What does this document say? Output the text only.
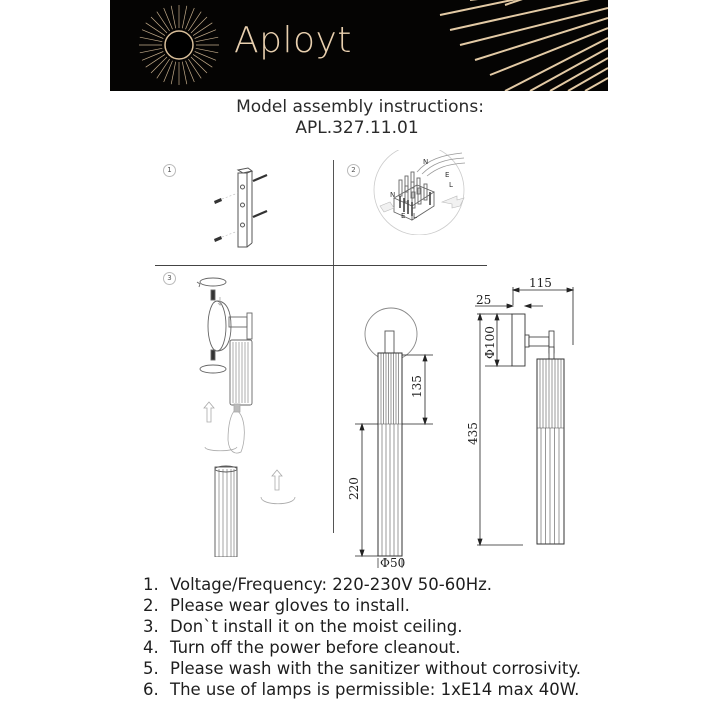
Aployt
Model assembly instructions:
APL.327.11.01
1	2
3
N
E
L
N
E L
135
220
Ф50
115
25
Ф100
435
1. Voltage/Frequency: 220-230V 50-60Hz.
2. Please wear gloves to install.
3. Don`t install it on the moist ceiling.
4. Turn off the power before cleanout.
5. Please wash with the sanitizer without corrosivity.
6. The use of lamps is permissible: 1xE14 max 40W.
